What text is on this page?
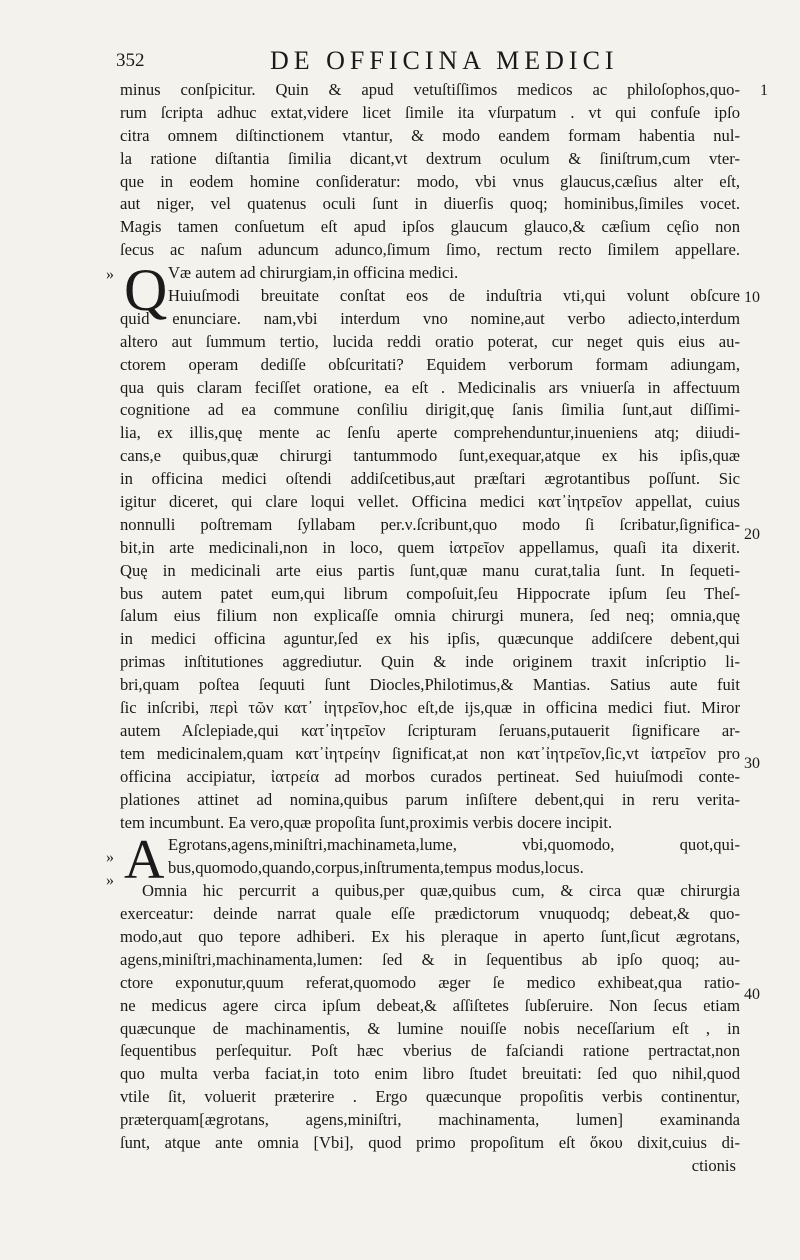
352	DE OFFICINA MEDICI
»
»
»
1
10
20
30
40
minus conſpicitur. Quin & apud vetuſtiſſimos medicos ac philoſophos,quo-
rum ſcripta adhuc extat,videre licet ſimile ita vſurpatum . vt qui confuſe ipſo
citra omnem diſtinctionem vtantur, & modo eandem formam habentia nul-
la ratione diſtantia ſimilia dicant,vt dextrum oculum & ſiniſtrum,cum vter-
que in eodem homine conſideratur: modo, vbi vnus glaucus,cæſius alter eſt,
aut niger, vel quatenus oculi ſunt in diuerſis quoq; hominibus,ſimiles vocet.
Magis tamen conſuetum eſt apud ipſos glaucum glauco,& cæſium cęſio non
ſecus ac naſum aduncum adunco,ſimum ſimo, rectum recto ſimilem appellare.
Q Væ autem ad chirurgiam,in officina medici.
Huiuſmodi breuitate conſtat eos de induſtria vti,qui volunt obſcure
quid enunciare. nam,vbi interdum vno nomine,aut verbo adiecto,interdum
altero aut ſummum tertio, lucida reddi oratio poterat, cur neget quis eius au-
ctorem operam dediſſe obſcuritati? Equidem verborum formam adiungam,
qua quis claram feciſſet oratione, ea eſt . Medicinalis ars vniuerſa in affectuum
cognitione ad ea commune conſiliu dirigit,quę ſanis ſimilia ſunt,aut diſſimi-
lia, ex illis,quę mente ac ſenſu aperte comprehenduntur,inueniens atq; diiudi-
cans,e quibus,quæ chirurgi tantummodo ſunt,exequar,atque ex his ipſis,quæ
in officina medici oſtendi addiſcetibus,aut præſtari ægrotantibus poſſunt. Sic
igitur diceret, qui clare loqui vellet. Officina medici κατ᾽ἰητρεῖον appellat, cuius
nonnulli poſtremam ſyllabam per.ν.ſcribunt,quo modo ſi ſcribatur,ſignifica-
bit,in arte medicinali,non in loco, quem ἰατρεῖον appellamus, quaſi ita dixerit.
Quę in medicinali arte eius partis ſunt,quæ manu curat,talia ſunt. In ſequeti-
bus autem patet eum,qui librum compoſuit,ſeu Hippocrate ipſum ſeu Theſ-
ſalum eius filium non explicaſſe omnia chirurgi munera, ſed neq; omnia,quę
in medici officina aguntur,ſed ex his ipſis, quæcunque addiſcere debent,qui
primas inſtitutiones aggrediutur. Quin & inde originem traxit inſcriptio li-
bri,quam poſtea ſequuti ſunt Diocles,Philotimus,& Mantias. Satius aute fuit
ſic inſcribi, περὶ τῶν κατ᾽ ἰητρεῖον,hoc eſt,de ijs,quæ in officina medici fiut. Miror
autem Aſclepiade,qui κατ᾽ἰητρεῖον ſcripturam ſeruans,putauerit ſignificare ar-
tem medicinalem,quam κατ᾽ἰητρείην ſignificat,at non κατ᾽ἰητρεῖον,ſic,vt ἰατρεῖον pro
officina accipiatur, ἰατρεία ad morbos curados pertineat. Sed huiuſmodi conte-
plationes attinet ad nomina,quibus parum inſiſtere debent,qui in reru verita-
tem incumbunt. Ea vero,quæ propoſita ſunt,proximis verbis docere incipit.
A Egrotans,agens,miniſtri,machinameta,lume, vbi,quomodo, quot,qui-
bus,quomodo,quando,corpus,inſtrumenta,tempus modus,locus.
Omnia hic percurrit a quibus,per quæ,quibus cum, & circa quæ chirurgia
exerceatur: deinde narrat quale eſſe prædictorum vnuquodq; debeat,& quo-
modo,aut quo tepore adhiberi. Ex his pleraque in aperto ſunt,ſicut ægrotans,
agens,miniſtri,machinamenta,lumen: ſed & in ſequentibus ab ipſo quoq; au-
ctore exponutur,quum referat,quomodo æger ſe medico exhibeat,qua ratio-
ne medicus agere circa ipſum debeat,& aſſiſtetes ſubſeruire. Non ſecus etiam
quæcunque de machinamentis, & lumine nouiſſe nobis neceſſarium eſt , in
ſequentibus perſequitur. Poſt hæc vberius de faſciandi ratione pertractat,non
quo multa verba faciat,in toto enim libro ſtudet breuitati: ſed quo nihil,quod
vtile ſit, voluerit præterire . Ergo quæcunque propoſitis verbis continentur,
præterquam[ægrotans, agens,miniſtri, machinamenta, lumen] examinanda
ſunt, atque ante omnia [Vbi], quod primo propoſitum eſt ὅκου dixit,cuius di-
ctionis
